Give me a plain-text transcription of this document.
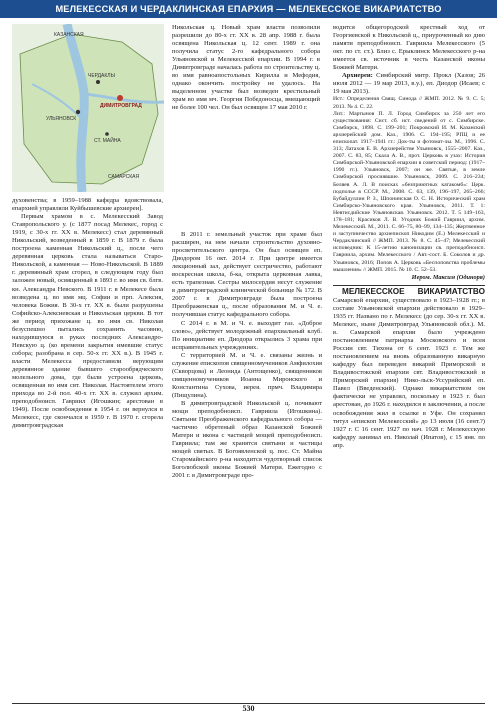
МЕЛЕКЕССКАЯ И ЧЕРДАКЛИНСКАЯ ЕПАРХИЯ — МЕЛЕКЕССКОЕ ВИКАРИАТСТВО
КАЗАНСКАЯ
ЧЕРДАКЛЫ
ДИМИТРОВГРАД
УЛЬЯНОВСК
СТ. МАЙНА
САМАРСКАЯ

духовенства; в 1959–1988 кафедра вдовствовала, епархией управляли Куйбышевские архиереи].

Первым храмом в с. Мелекесский Завод Ставропольского у. (с 1877 посад Мелекес, город с 1919, с 30-х гг. XX в. Мелекесс) стал деревянный Никольский, возведенный в 1859 г. В 1879 г. была построена каменная Никольский ц., после чего деревянная церковь стала называться Старо-Никольской, а каменная — Ново-Никольской. В 1889 г. деревянный храм сгорел, в следующем году был заложен новый, освященный в 1893 г. во имя св. блгв. кн. Александра Невского. В 1911 г. в Мелекесе была возведена ц. во имя мц. Софии и прп. Алексия, человека Божия. В 30-х гг. XX в. были разрушены Софийско-Алексиевская и Никольская церкви. В тот же период прихожане ц. во имя св. Николая безуспешно пытались сохранить часовню, находившуюся в руках последних Александро-Невскую ц. (ко времени закрытия имевшие статус собора; разобрана в сер. 50-х гг. XX в.). В 1945 г. власти Мелекесса предоставили верующим деревянное здание бывшего старообрядческого молельного дома, где были устроена церковь, освященная во имя свт. Николая. Настоятелем этого прихода во 2-й пол. 40-х гг. XX в. служил архим. преподобноисп. Гавриил (Игошкин; арестован в 1949). После освобождения в 1954 г. он вернулся в Мелекесс, где скончался в 1959 г. В 1970 г. сгорела димитровградская

Никольская ц. Новый храм власти позволили разрешили до 80-х гг. XX в. 28 апр. 1988 г. была освящена Никольская ц. 12 сент. 1989 г. она получила статус 2-го кафедрального собора Ульяновской и Мелекесской епархии. В 1994 г. в Димитровграде началась работа по строительству ц. во имя равноапостольных Кириллa и Мефодия, однако окончить постройку не удалось. На выделенном участке был возведен крестильный храм во имя мч. Георгия Победоносца, вмещающий не более 100 чел. Он был освящен 17 мая 2010 г.

В 2011 г. земельный участок при храме был расширен, на нем начали строительство духовно-просветительского центра. Он был освящен еп. Диодором 16 окт. 2014 г. При центре имеется лекционный зал, действует сестричество, работают воскресная школа, б-ка, открыта церковная лавка, есть трапезная. Сестры милосердия несут служение в димитровградской клинической больнице № 172. В 2007 г. в Димитровграде была построена Преображенская ц., после образования М. и Ч. е. получившая статус кафедрального собора.

С 2014 г. в М. и Ч. е. выходит газ. «Доброе слово», действует молодежный епархиальный клуб. По инициативе еп. Диодора открылись 3 храма при исправительных учреждениях.

С территорией М. и Ч. е. связаны жизнь и служение епископов священномучеников Амфилохия (Скворцова) и Леонида (Антощенко), священников священномучеников Иоанна Миронского и Константина Сухова, иерея. прмч. Владимира (Пищулина).

В димитровградской Никольской ц. почивают мощи преподобноисп. Гавриила (Игошкина). Святыни Преображенского кафедрального собора — частично обретеный образ Казанской Божией Матери и икона с частицей мощей преподобноисп. Гавриила; там же хранятся святыни и частицы мощей святых. В Богоявленской ц. пос. Ст. Майна Старомайнского р-на находится чудотворный список Боголюбской иконы Божией Матери. Ежегодно с 2001 г. в Димитровграде про-

водится общегородской крестный ход от Георгиевской к Никольской ц., приуроченный ко дню памяти преподобноисп. Гавриила Мелекесского (5 окт. по ст. ст.). Близ с. Ерыклинск Мелекесского р-на имеется св. источник в честь Казанской иконы Божией Матери.

Архиереи: Симбирский митр. Прокл (Хазов; 26 июля 2012 — 19 мар 2013, в.у.), еп. Диодор (Исаев; с 19 мая 2013).

Ист.: Определения Свящ. Синода // ЖМП. 2012. № 9. С. 5; 2013. № 4. С. 22.

Лит.: Мартынов П. Л. Город Симбирск за 250 лет его существования: Сист. сб. ист. сведений от с. Симбирске. Симбирск, 1898. С. 199–201; Покровский И. М. Казанский архиерейский дом. Каз., 1906. С. 194–195; РПЦ и ее епископат. 1917–1941 гг.: Док-ты и фотомат-лы. М., 1996. С. 313; Латахов Е. В. Архиерействе Ульяновск, 1555–2007. Каз., 2007. С. 83, 85; Скала А. В., прот. Церковь в узах: История Симбирской-Ульяновской епархии в советский период: (1917–1990 гг.). Ульяновск, 2007; он же. Святые, в земле Симбирской просиявшие. Ульяновск, 2009. С. 216–234; Беляев А. Л. В поисках «безприютных катакомб»: Церк. подполье в СССР. М., 2008. С. 63, 139, 196–197, 265–266; Бубайдуллин Р. З., Шпонинская О. С. Н. Исторический храм Симбирско-Ульяновского края. Ульяновск, 2011. Т. 1: Невтисдийские Ульяновская. Ульяновск. 2012. Т. 5 149–163, 178–181; Красиков Л. В. Угодник Божий Гавриил, архим. Мелекесский. М., 2011. С. 66–75, 80–99, 134–135; Жертвенное и заступничество архиепископ Никодим (Е.) Мелекесский и Чердаклинский // ЖМП. 2013. № 8. С. 45–47; Мелекесский исповедник: К 15-летию канонизации св. преподобноисп. Гавриила, архим. Мелекесского / Авт.-сост. Б. Соколов и др. Ульяновск, 2016; Попов А. Церковь «Беспоповства проблемы мышления» // ЖМП. 2015. № 10. С. 52–53.

Иером. Максим (Одиноря)

МЕЛЕКЕССКОЕ ВИКАРИАТСТВО Самарской епархии, существовало в 1923–1928 гг.; в составе Ульяновской епархии действовало в 1929–1935 гг. Названо по г. Мелекесс (до сер. 30-х гг. XX в. Мелекес, ныне Димитровград Ульяновской обл.). М. в. Самарской епархии было учреждено постановлением патриарха Московского и всея России свт. Тихона от 6 сент. 1923 г. Тем же постановлением на вновь образованную викарную кафедру был переведен викарий Приморской и Владивостокской епархии свт. Владивостокский и Приморский епархия) Нико-льск-Уссурийский еп. Павел (Введенский). Однако викариатством он фактически не управлял, поскольку в 1923 г. был арестован, до 1926 г. находился в заключении, а после освобождения жил в ссылке в Уфе. Он сохранял титул «епископ Мелекесский» до 13 июля (16 сент.?) 1927 г. С 16 сент. 1927 по нач. 1928 г. Мелекесскую кафедру занимал еп. Николай (Ипатов), с 15 янв. по апр.

530
